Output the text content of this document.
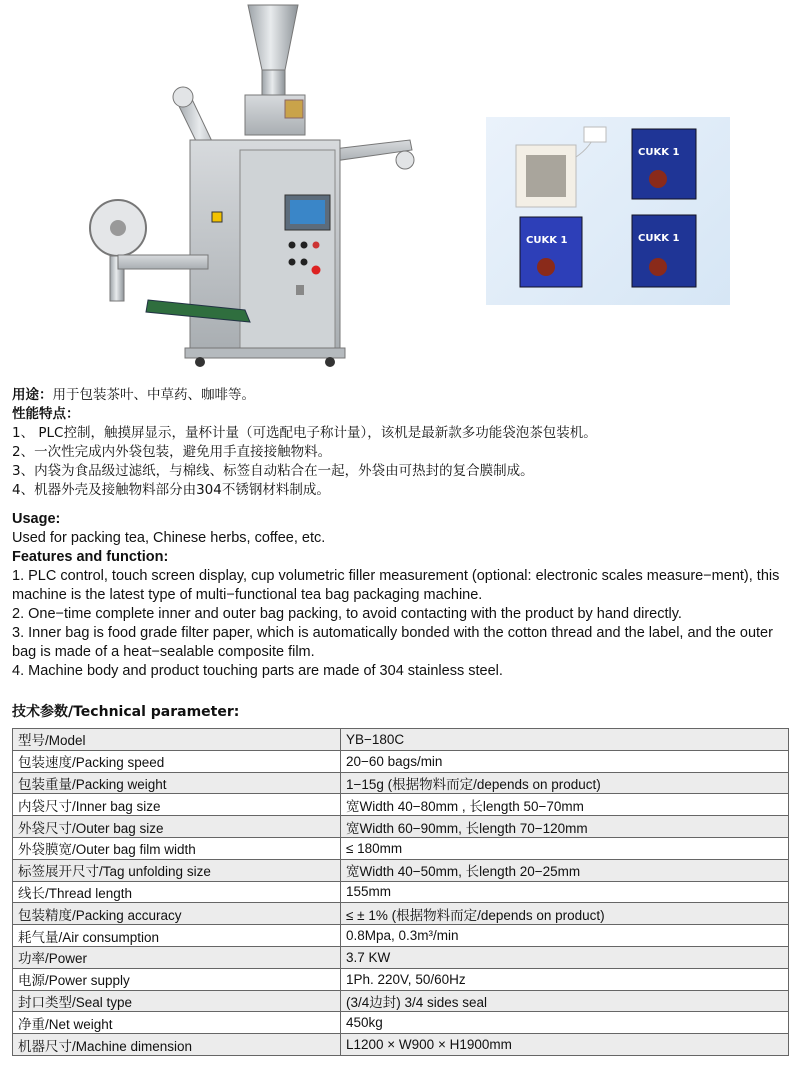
CUKK 1
CUKK 1	CUKK 1
用途：用于包装茶叶、中草药、咖啡等。
性能特点：
1、 PLC控制，触摸屏显示，量杯计量（可选配电子称计量），该机是最新款多功能袋泡茶包装机。
2、一次性完成内外袋包装，避免用手直接接触物料。
3、内袋为食品级过滤纸，与棉线、标签自动粘合在一起，外袋由可热封的复合膜制成。
4、机器外壳及接触物料部分由304不锈钢材料制成。

Usage:

Used for packing tea, Chinese herbs, coffee, etc.

Features and function:

1. PLC control, touch screen display, cup volumetric filler measurement (optional: electronic scales measure−ment), this machine is the latest type of multi−functional tea bag packaging machine.

2. One−time complete inner and outer bag packing, to avoid contacting with the product by hand directly.

3. Inner bag is food grade filter paper, which is automatically bonded with the cotton thread and the label, and the outer bag is made of a heat−sealable composite film.

4. Machine body and product touching parts are made of 304 stainless steel.

技术参数/Technical parameter:
型号/Model	YB−180C
包装速度/Packing speed	20−60 bags/min
包装重量/Packing weight	1−15g (根据物料而定/depends on product)
内袋尺寸/Inner bag size	宽Width 40−80mm , 长length 50−70mm
外袋尺寸/Outer bag size	宽Width 60−90mm, 长length 70−120mm
外袋膜宽/Outer bag film width	≤ 180mm
标签展开尺寸/Tag unfolding size	宽Width 40−50mm, 长length 20−25mm
线长/Thread length	155mm
包装精度/Packing accuracy	≤ ± 1% (根据物料而定/depends on product)
耗气量/Air consumption	0.8Mpa, 0.3m³/min
功率/Power	3.7 KW
电源/Power supply	1Ph. 220V, 50/60Hz
封口类型/Seal type	(3/4边封) 3/4 sides seal
净重/Net weight	450kg
机器尺寸/Machine dimension	L1200 × W900 × H1900mm
